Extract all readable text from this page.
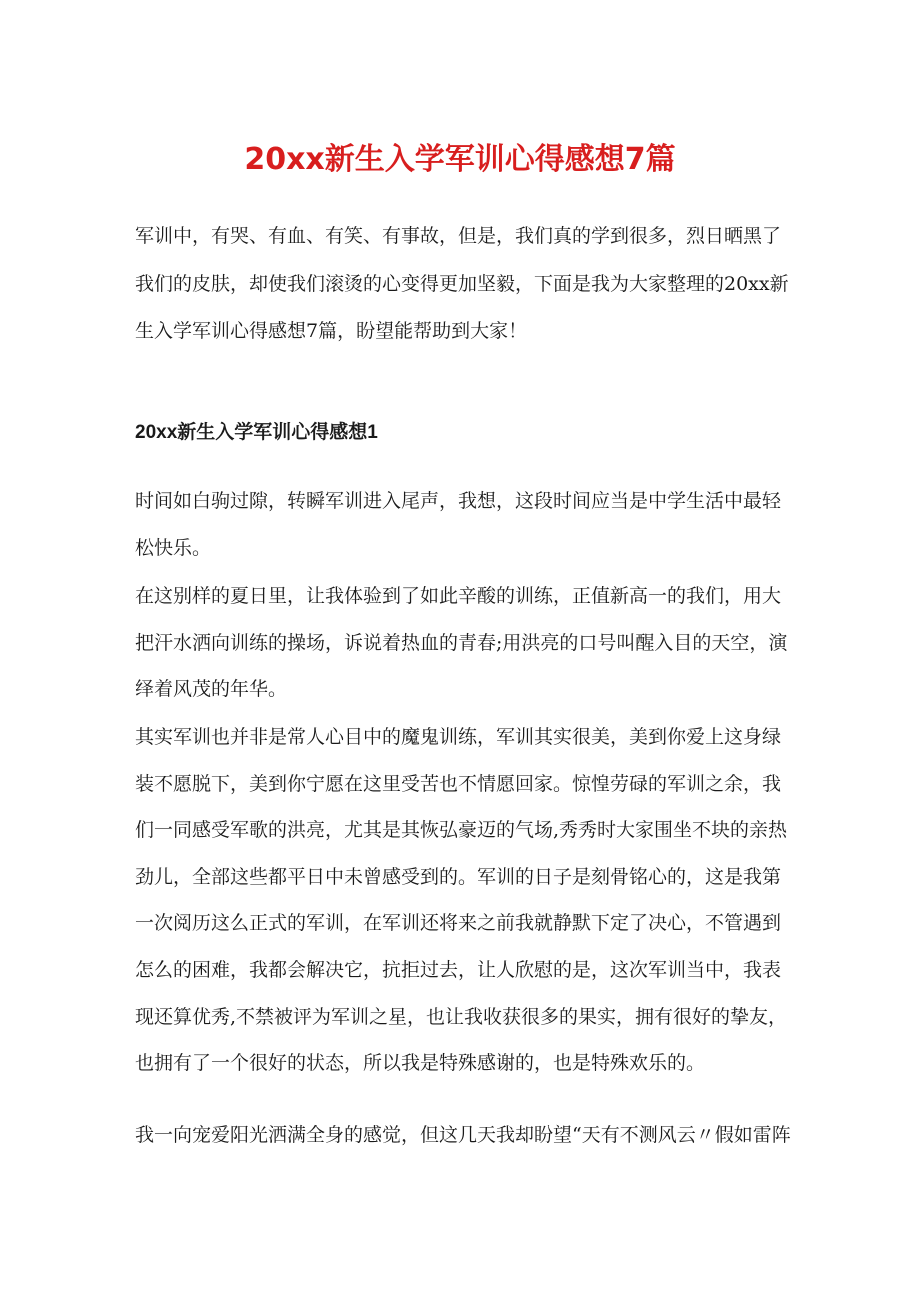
20xx新生入学军训心得感想7篇

军训中，有哭、有血、有笑、有事故，但是，我们真的学到很多，烈日晒黑了我们的皮肤，却使我们滚烫的心变得更加坚毅，下面是我为大家整理的20xx新生入学军训心得感想7篇，盼望能帮助到大家！

20xx新生入学军训心得感想1

时间如白驹过隙，转瞬军训进入尾声，我想，这段时间应当是中学生活中最轻松快乐。

在这别样的夏日里，让我体验到了如此辛酸的训练，正值新高一的我们，用大把汗水洒向训练的操场，诉说着热血的青春;用洪亮的口号叫醒入目的天空，演绎着风茂的年华。

其实军训也并非是常人心目中的魔鬼训练，军训其实很美，美到你爱上这身绿装不愿脱下，美到你宁愿在这里受苦也不情愿回家。惊惶劳碌的军训之余，我们一同感受军歌的洪亮，尤其是其恢弘豪迈的气场,秀秀时大家围坐不块的亲热劲儿，全部这些都平日中未曾感受到的。军训的日子是刻骨铭心的，这是我第一次阅历这么正式的军训，在军训还将来之前我就静默下定了决心，不管遇到怎么的困难，我都会解决它，抗拒过去，让人欣慰的是，这次军训当中，我表现还算优秀,不禁被评为军训之星，也让我收获很多的果实，拥有很好的挚友，也拥有了一个很好的状态，所以我是特殊感谢的，也是特殊欢乐的。

我一向宠爱阳光洒满全身的感觉，但这几天我却盼望“天有不测风云〃假如雷阵
